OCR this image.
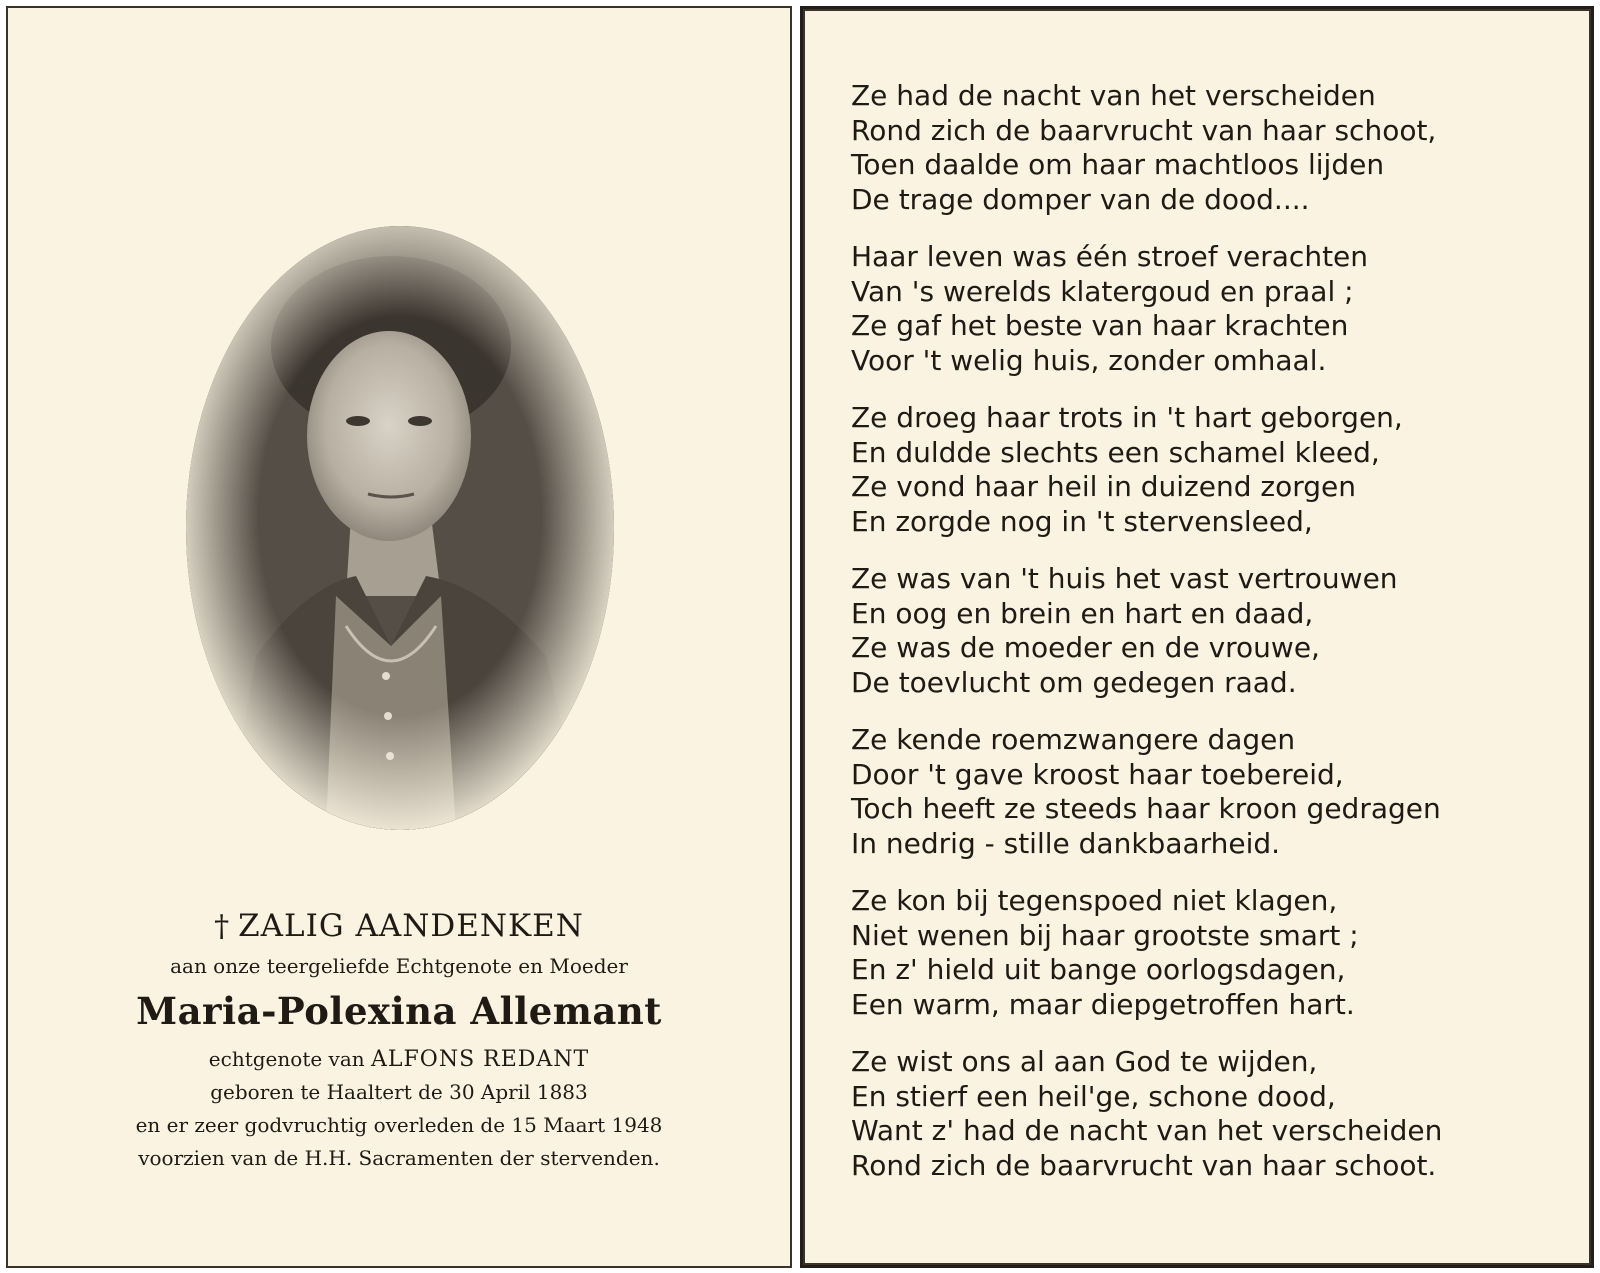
† ZALIG AANDENKEN
aan onze teergeliefde Echtgenote en Moeder
Maria-Polexina Allemant
echtgenote van ALFONS REDANT
geboren te Haaltert de 30 April 1883
en er zeer godvruchtig overleden de 15 Maart 1948
voorzien van de H.H. Sacramenten der stervenden.
Ze had de nacht van het verscheiden
Rond zich de baarvrucht van haar schoot,
Toen daalde om haar machtloos lijden
De trage domper van de dood....
Haar leven was één stroef verachten
Van 's werelds klatergoud en praal ;
Ze gaf het beste van haar krachten
Voor 't welig huis, zonder omhaal.
Ze droeg haar trots in 't hart geborgen,
En duldde slechts een schamel kleed,
Ze vond haar heil in duizend zorgen
En zorgde nog in 't stervensleed,
Ze was van 't huis het vast vertrouwen
En oog en brein en hart en daad,
Ze was de moeder en de vrouwe,
De toevlucht om gedegen raad.
Ze kende roemzwangere dagen
Door 't gave kroost haar toebereid,
Toch heeft ze steeds haar kroon gedragen
In nedrig - stille dankbaarheid.
Ze kon bij tegenspoed niet klagen,
Niet wenen bij haar grootste smart ;
En z' hield uit bange oorlogsdagen,
Een warm, maar diepgetroffen hart.
Ze wist ons al aan God te wijden,
En stierf een heil'ge, schone dood,
Want z' had de nacht van het verscheiden
Rond zich de baarvrucht van haar schoot.
